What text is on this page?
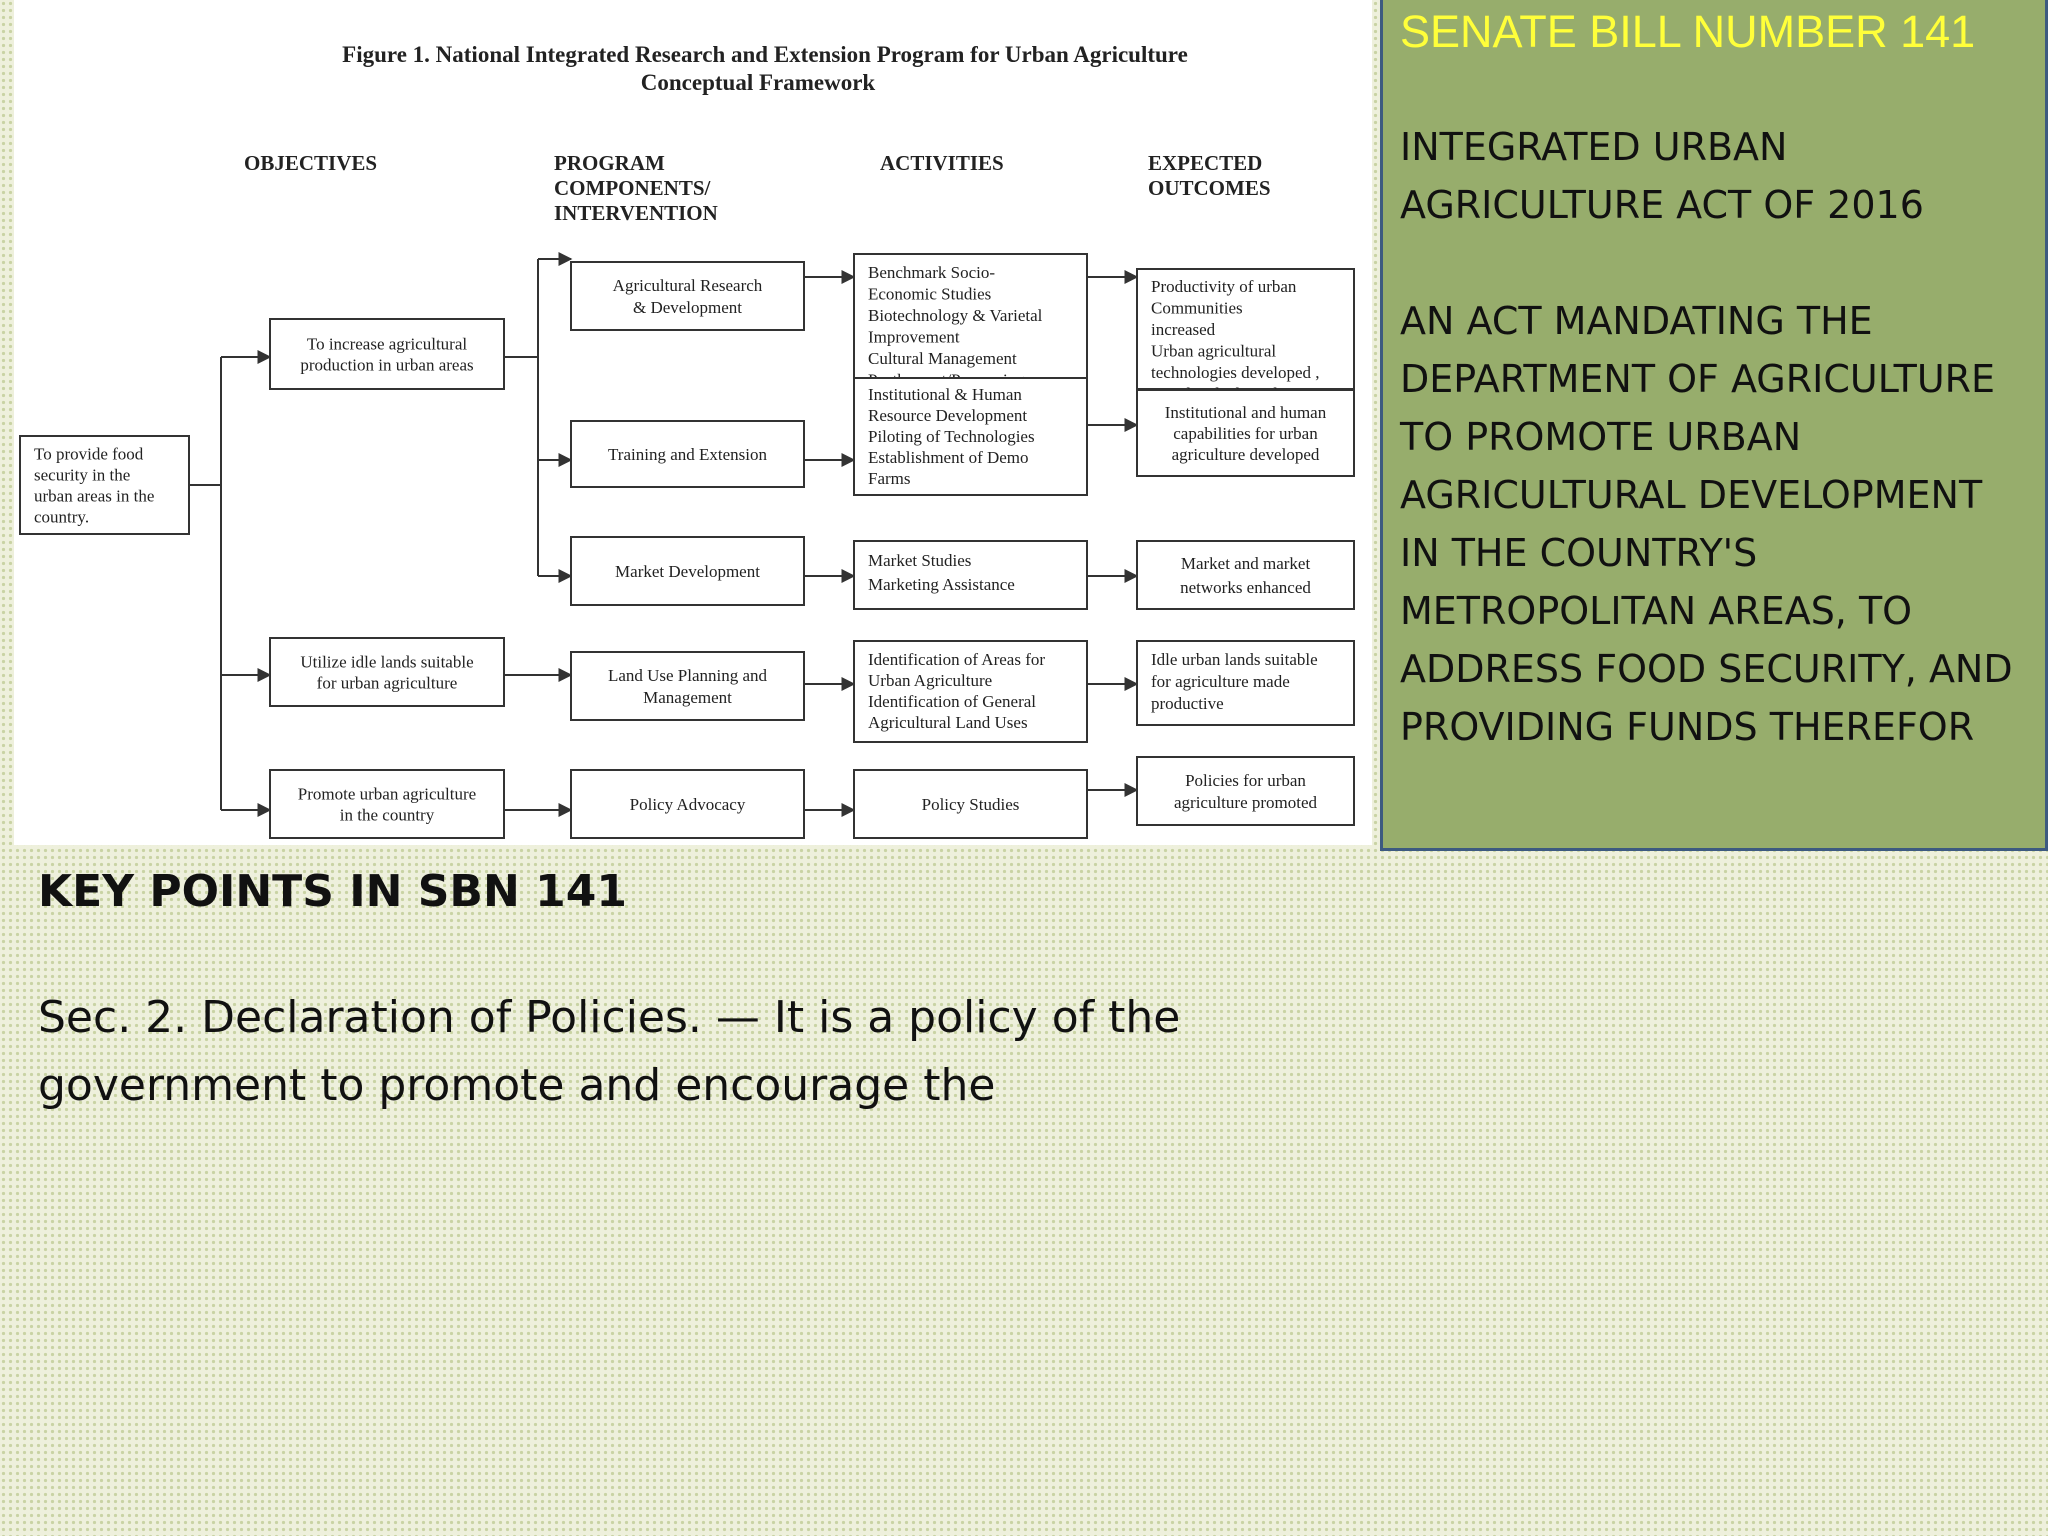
Figure 1. National Integrated Research and Extension Program for Urban Agriculture
Conceptual Framework
OBJECTIVES	PROGRAM
COMPONENTS/
INTERVENTION
ACTIVITIES	EXPECTED
OUTCOMES
To provide food
security in the
urban areas in the
country.
To increase agricultural
production in urban areas
Utilize idle lands suitable
for urban agriculture
Promote urban agriculture
in the country
Agricultural Research
& Development
Training and Extension
Market Development
Land Use Planning and
Management
Policy Advocacy
Benchmark Socio-
Economic Studies
Biotechnology & Varietal
Improvement
Cultural Management
Institutional & Human
Resource Development
Piloting of Technologies
Establishment of Demo
Farms
Market Studies
Marketing Assistance
Identification of Areas for
Urban Agriculture
Identification of General
Agricultural Land Uses
Policy Studies
Productivity of urban
Communities
increased
Urban agricultural
technologies developed ,
Institutional and human
capabilities for urban
agriculture developed
Market and market
networks enhanced
Idle urban lands suitable
for agriculture made
productive
Policies for urban
agriculture promoted
SENATE BILL NUMBER 141
INTEGRATED URBAN AGRICULTURE ACT OF 2016
AN ACT MANDATING THE DEPARTMENT OF AGRICULTURE TO PROMOTE URBAN AGRICULTURAL DEVELOPMENT IN THE COUNTRY'S METROPOLITAN AREAS, TO ADDRESS FOOD SECURITY, AND PROVIDING FUNDS THEREFOR
KEY POINTS IN SBN 141
Sec. 2. Declaration of Policies. — It is a policy of the government to promote and encourage the
